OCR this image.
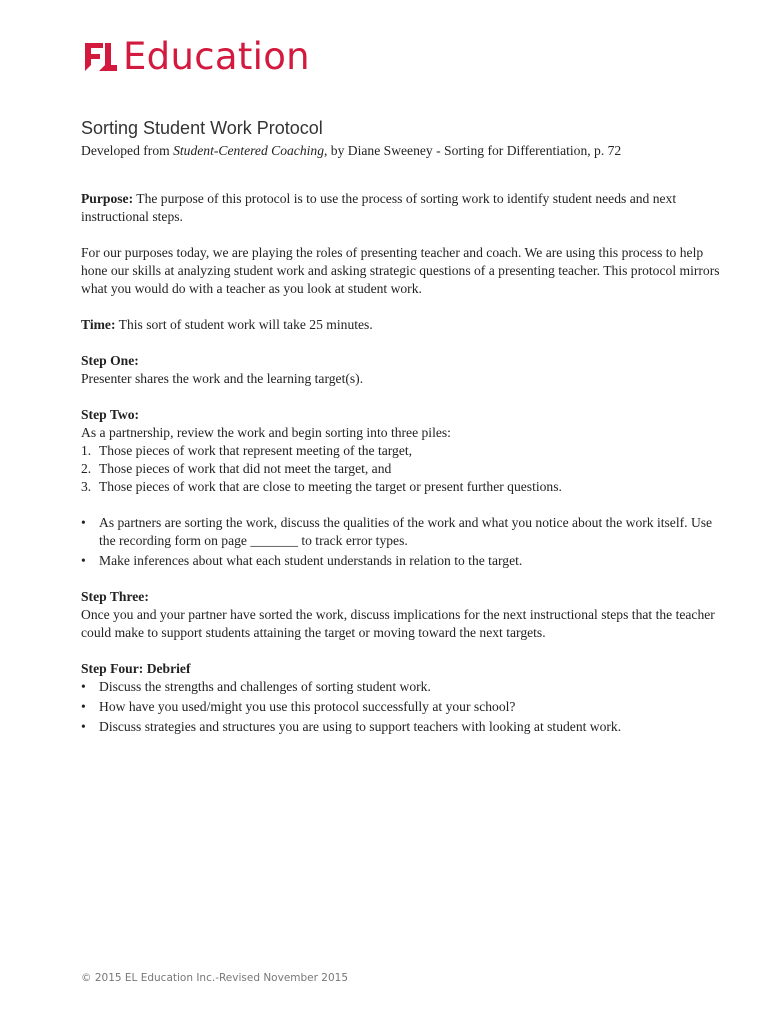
Education
Sorting Student Work Protocol

Developed from Student-Centered Coaching, by Diane Sweeney - Sorting for Differentiation, p. 72

Purpose: The purpose of this protocol is to use the process of sorting work to identify student needs and next instructional steps.

For our purposes today, we are playing the roles of presenting teacher and coach. We are using this process to help hone our skills at analyzing student work and asking strategic questions of a presenting teacher. This protocol mirrors what you would do with a teacher as you look at student work.

Time: This sort of student work will take 25 minutes.

Step One:

Presenter shares the work and the learning target(s).

Step Two:

As a partnership, review the work and begin sorting into three piles:

1. Those pieces of work that represent meeting of the target,
2. Those pieces of work that did not meet the target, and
3. Those pieces of work that are close to meeting the target or present further questions.
• As partners are sorting the work, discuss the qualities of the work and what you notice about the work itself. Use the recording form on page _______ to track error types.
• Make inferences about what each student understands in relation to the target.

Step Three:

Once you and your partner have sorted the work, discuss implications for the next instructional steps that the teacher could make to support students attaining the target or moving toward the next targets.

Step Four: Debrief

• Discuss the strengths and challenges of sorting student work.
• How have you used/might you use this protocol successfully at your school?
• Discuss strategies and structures you are using to support teachers with looking at student work.
© 2015 EL Education Inc.-Revised November 2015
